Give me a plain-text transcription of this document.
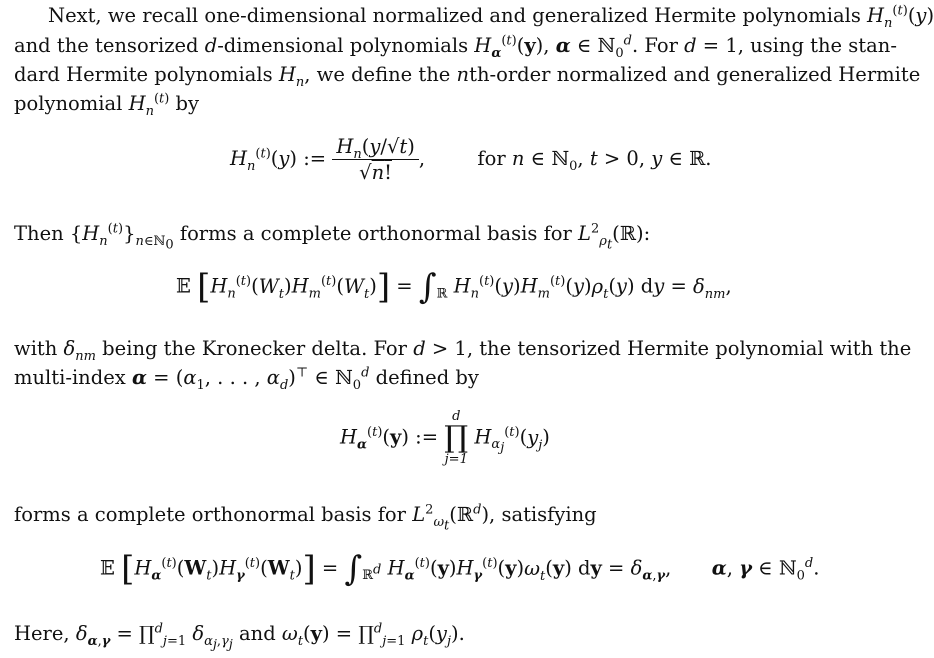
Next, we recall one-dimensional normalized and generalized Hermite polynomials $H_n^{(t)}(y)$
and the tensorized d-dimensional polynomials $H_\alpha^{(t)}(y)$, α ∈ ℕ$_0^d$. For d = 1, using the stan-
dard Hermite polynomials $H_n$, we define the nth-order normalized and generalized Hermite
polynomial $H_n^{(t)}$ by
$H_n^{(t)}(y)$ := $\frac{H_n(y/√t)}{√n!}$ ,  for n ∈ ℕ$_0$, t > 0, y ∈ ℝ.
Then $\{H_n^{(t)}\}_{n\in ℕ_0}$ forms a complete orthonormal basis for $L^2_{\rho_t}(ℝ)$:
𝔼 $[H_n^{(t)}(W_t)H_m^{(t)}(W_t)] = \int_ℝ$ $H_n^{(t)}(y)H_m^{(t)}(y)\rho_t(y)$ dy = $\delta_{nm}$,
with $\delta_{nm}$ being the Kronecker delta. For d > 1, the tensorized Hermite polynomial with the
multi-index $\alpha = (\alpha_1$, . . . , $\alpha_d)^⊤$ ∈ ℕ$_0^d$ defined by
$H_\alpha^{(t)}(y)$ :=
d
∏
j=1
$H_{\alpha_j}^{(t)}(y_j)$
forms a complete orthonormal basis for $L^2_{\omega_t}(ℝ^d)$, satisfying
𝔼 $[H_\alpha^{(t)}(W_t)H_\gamma^{(t)}(W_t)] = \int_{ℝ^d}$ $H_\alpha^{(t)}(y)H_\gamma^{(t)}(y)\omega_t(y)$ dy = $\delta_{\alpha,\gamma}$,  α, γ ∈ ℕ$_0^d$.
Here, $\delta_{\alpha,\gamma}$ = ∏$^d_{j=1}$ $\delta_{\alpha_j,\gamma_j}$ and $\omega_t(y)$ = ∏$^d_{j=1}$ $\rho_t(y_j)$.
